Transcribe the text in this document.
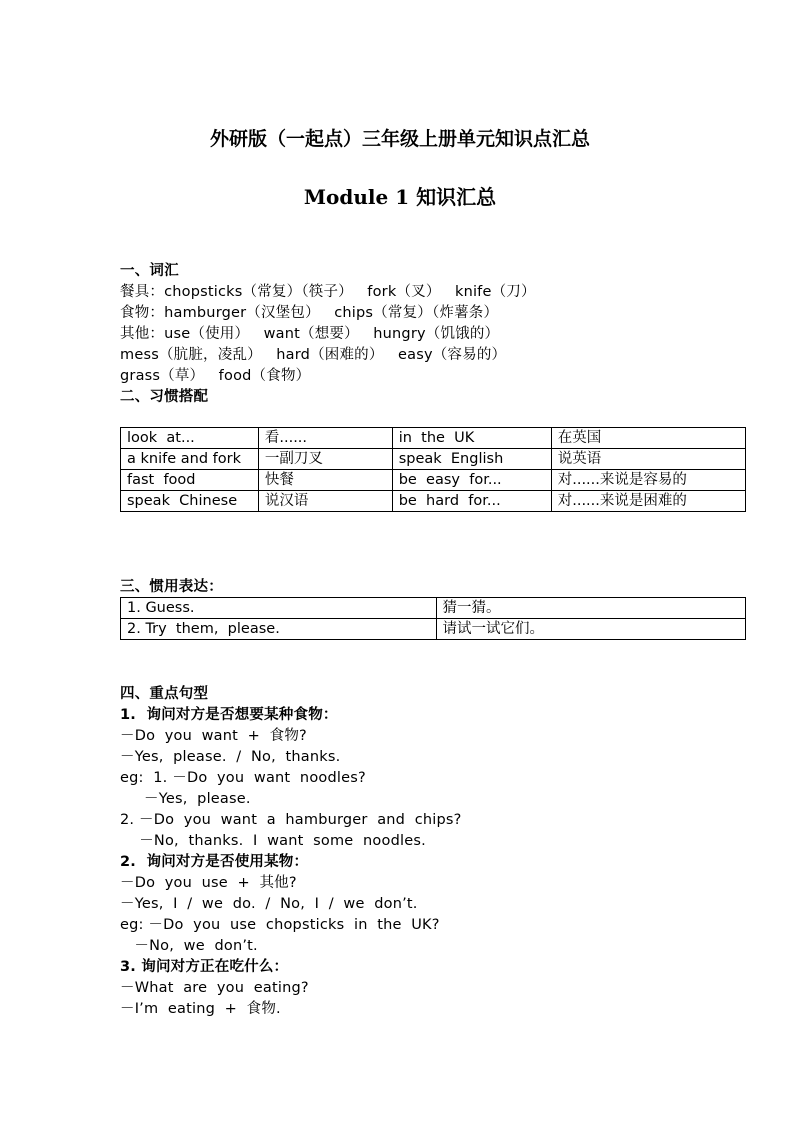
外研版（一起点）三年级上册单元知识点汇总
Module 1 知识汇总
一、词汇
餐具：chopsticks（常复）（筷子）   fork（叉）   knife（刀）
食物：hamburger（汉堡包）   chips（常复）（炸薯条）
其他：use（使用）   want（想要）   hungry（饥饿的）
mess（肮脏，凌乱）   hard（困难的）   easy（容易的）
grass（草）   food（食物）
二、习惯搭配
look  at...	看......	in  the  UK	在英国
a knife and fork	一副刀叉	speak  English	说英语
fast  food	快餐	be  easy  for...	对......来说是容易的
speak  Chinese	说汉语	be  hard  for...	对......来说是困难的
三、惯用表达：
1. Guess.	猜一猜。
2. Try  them,  please.	请试一试它们。
四、重点句型
1.  询问对方是否想要某种食物：
－Do  you  want  +  食物?
－Yes,  please.  /  No,  thanks.
eg:  1. －Do  you  want  noodles?
－Yes,  please.
2. －Do  you  want  a  hamburger  and  chips?
－No,  thanks.  I  want  some  noodles.
2.  询问对方是否使用某物：
－Do  you  use  +  其他?
－Yes,  I  /  we  do.  /  No,  I  /  we  don’t.
eg: －Do  you  use  chopsticks  in  the  UK?
－No,  we  don’t.
3. 询问对方正在吃什么：
－What  are  you  eating?
－I’m  eating  +  食物.
